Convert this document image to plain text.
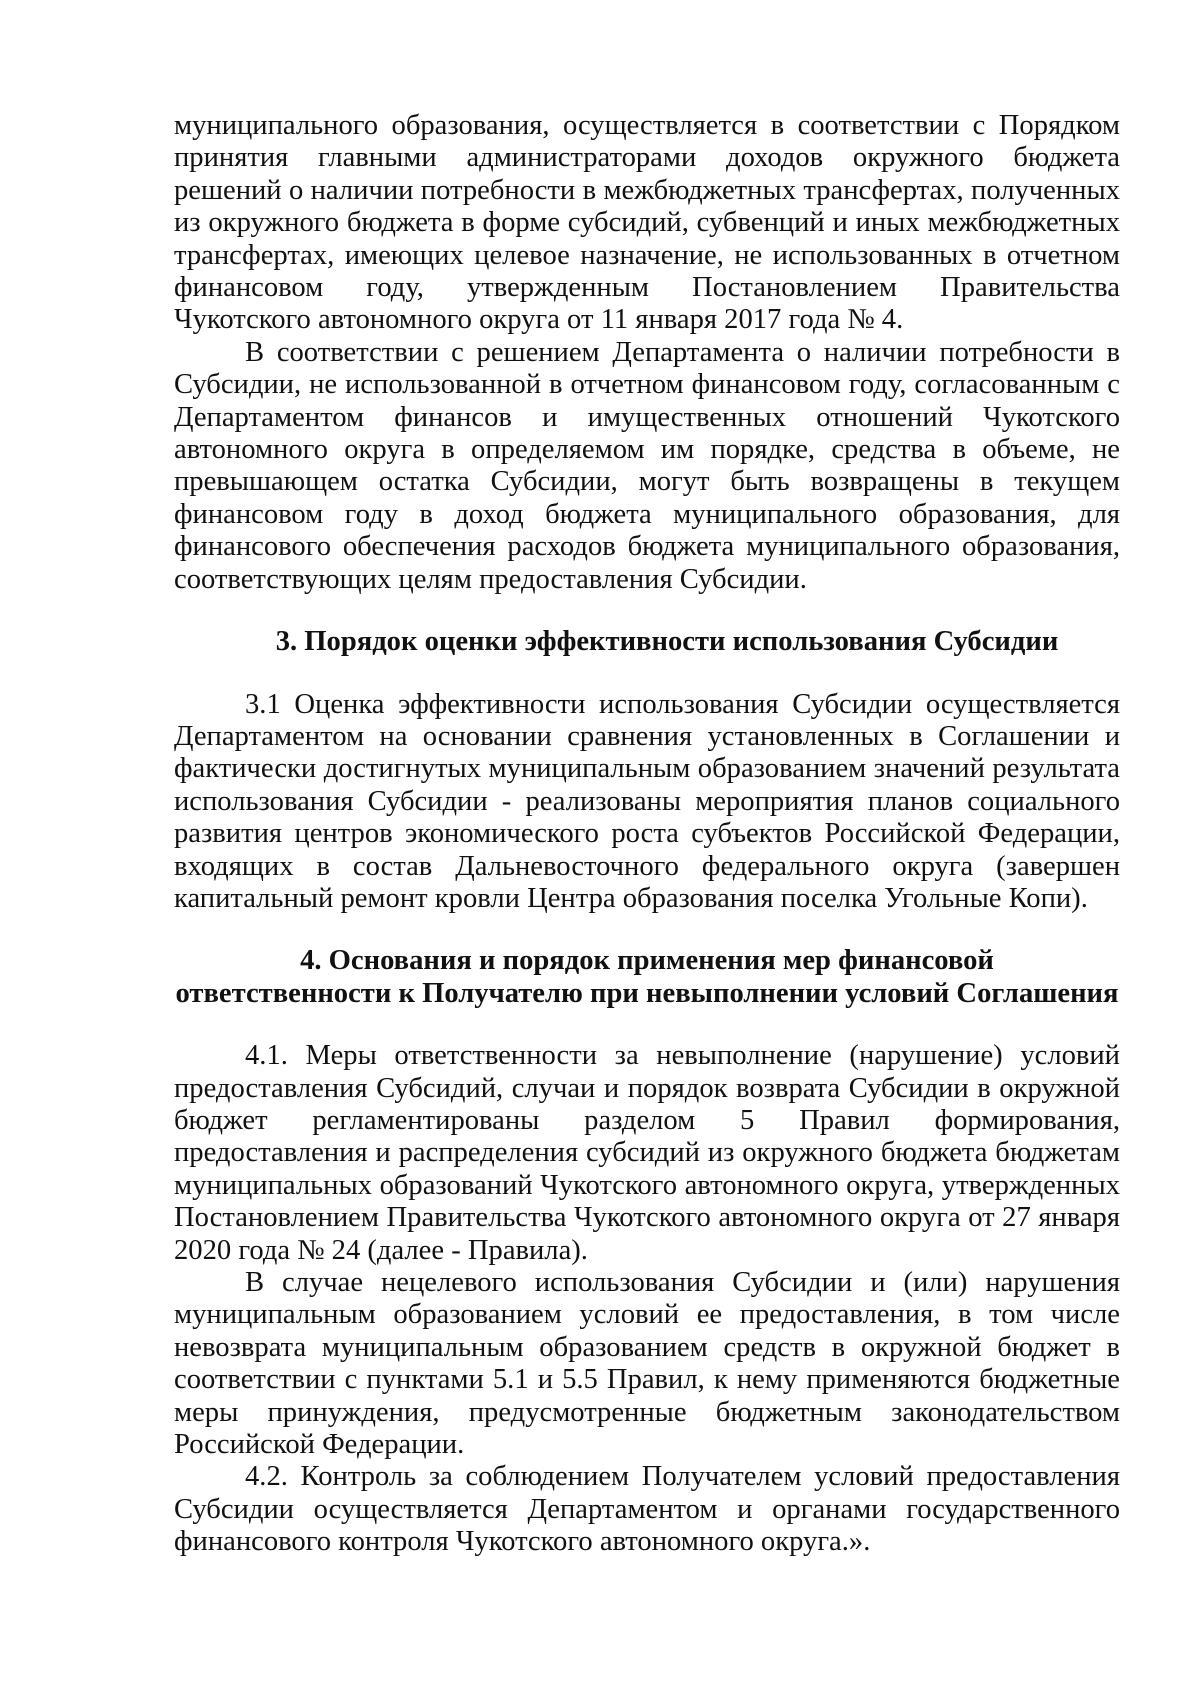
муниципального образования, осуществляется в соответствии с Порядком принятия главными администраторами доходов окружного бюджета решений о наличии потребности в межбюджетных трансфертах, полученных из окружного бюджета в форме субсидий, субвенций и иных межбюджетных трансфертах, имеющих целевое назначение, не использованных в отчетном финансовом году, утвержденным Постановлением Правительства Чукотского автономного округа от 11 января 2017 года № 4.

В соответствии с решением Департамента о наличии потребности в Субсидии, не использованной в отчетном финансовом году, согласованным с Департаментом финансов и имущественных отношений Чукотского автономного округа в определяемом им порядке, средства в объеме, не превышающем остатка Субсидии, могут быть возвращены в текущем финансовом году в доход бюджета муниципального образования, для финансового обеспечения расходов бюджета муниципального образования, соответствующих целям предоставления Субсидии.

3. Порядок оценки эффективности использования Субсидии

3.1 Оценка эффективности использования Субсидии осуществляется Департаментом на основании сравнения установленных в Соглашении и фактически достигнутых муниципальным образованием значений результата использования Субсидии - реализованы мероприятия планов социального развития центров экономического роста субъектов Российской Федерации, входящих в состав Дальневосточного федерального округа (завершен капитальный ремонт кровли Центра образования поселка Угольные Копи).

4. Основания и порядок применения мер финансовой
ответственности к Получателю при невыполнении условий Соглашения

4.1. Меры ответственности за невыполнение (нарушение) условий предоставления Субсидий, случаи и порядок возврата Субсидии в окружной бюджет регламентированы разделом 5 Правил формирования, предоставления и распределения субсидий из окружного бюджета бюджетам муниципальных образований Чукотского автономного округа, утвержденных Постановлением Правительства Чукотского автономного округа от 27 января 2020 года № 24 (далее - Правила).

В случае нецелевого использования Субсидии и (или) нарушения муниципальным образованием условий ее предоставления, в том числе невозврата муниципальным образованием средств в окружной бюджет в соответствии с пунктами 5.1 и 5.5 Правил, к нему применяются бюджетные меры принуждения, предусмотренные бюджетным законодательством Российской Федерации.

4.2. Контроль за соблюдением Получателем условий предоставления Субсидии осуществляется Департаментом и органами государственного финансового контроля Чукотского автономного округа.».
